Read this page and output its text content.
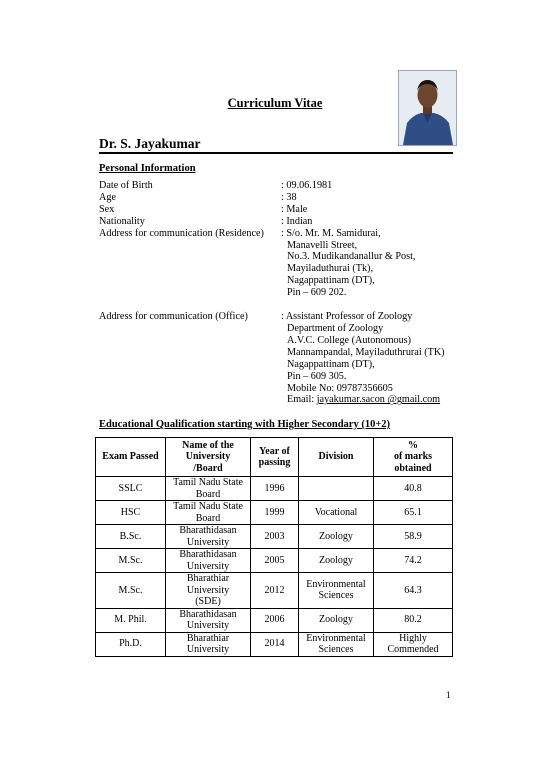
Curriculum Vitae
Dr. S. Jayakumar
Personal Information
Date of Birth	: 09.06.1981
Age	: 38
Sex	: Male
Nationality	: Indian
Address for communication (Residence)	: S/o. Mr. M. Samidurai,
Manavelli Street,
No.3. Mudikandanallur & Post,
Mayiladuthurai (Tk),
Nagappattinam (DT),
Pin – 609 202.
Address for communication (Office)	: Assistant Professor of Zoology
Department of Zoology
A.V.C. College (Autonomous)
Mannampandal, Mayiladuthrurai (TK)
Nagappattinam (DT),
Pin – 609 305.
Mobile No: 09787356605
Email: jayakumar.sacon @gmail.com
Educational Qualification starting with Higher Secondary (10+2)
Exam Passed	Name of the
University
/Board	Year of
passing	Division	%
of marks
obtained

SSLC	Tamil Nadu State
Board	1996		40.8
HSC	Tamil Nadu State
Board	1999	Vocational	65.1
B.Sc.	Bharathidasan
University	2003	Zoology	58.9
M.Sc.	Bharathidasan
University	2005	Zoology	74.2
M.Sc.	Bharathiar
University
(SDE)	2012	Environmental
Sciences	64.3
M. Phil.	Bharathidasan
University	2006	Zoology	80.2
Ph.D.	Bharathiar
University	2014	Environmental
Sciences	Highly Commended
1
